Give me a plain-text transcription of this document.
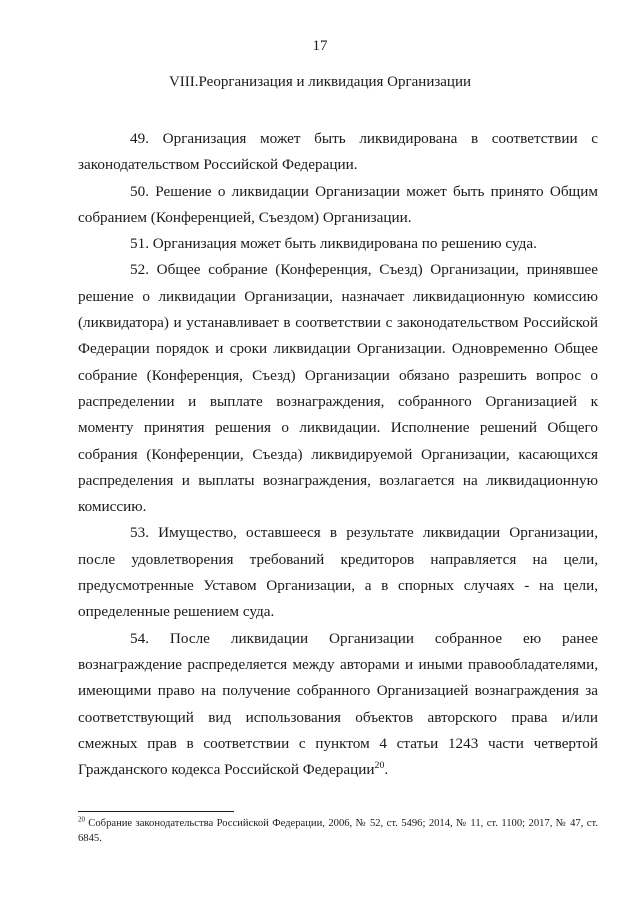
17
VIII.Реорганизация и ликвидация Организации

49. Организация может быть ликвидирована в соответствии с законодательством Российской Федерации.

50. Решение о ликвидации Организации может быть принято Общим собранием (Конференцией, Съездом) Организации.

51. Организация может быть ликвидирована по решению суда.

52. Общее собрание (Конференция, Съезд) Организации, принявшее решение о ликвидации Организации, назначает ликвидационную комиссию (ликвидатора) и устанавливает в соответствии с законодательством Российской Федерации порядок и сроки ликвидации Организации. Одновременно Общее собрание (Конференция, Съезд) Организации обязано разрешить вопрос о распределении и выплате вознаграждения, собранного Организацией к моменту принятия решения о ликвидации. Исполнение решений Общего собрания (Конференции, Съезда) ликвидируемой Организации, касающихся распределения и выплаты вознаграждения, возлагается на ликвидационную комиссию.

53. Имущество, оставшееся в результате ликвидации Организации, после удовлетворения требований кредиторов направляется на цели, предусмотренные Уставом Организации, а в спорных случаях - на цели, определенные решением суда.

54. После ликвидации Организации собранное ею ранее вознаграждение распределяется между авторами и иными правообладателями, имеющими право на получение собранного Организацией вознаграждения за соответствующий вид использования объектов авторского права и/или смежных прав в соответствии с пунктом 4 статьи 1243 части четвертой Гражданского кодекса Российской Федерации$^{20}$.

$^{20}$ Собрание законодательства Российской Федерации, 2006, № 52, ст. 5496; 2014, № 11, ст. 1100; 2017, № 47, ст. 6845.
